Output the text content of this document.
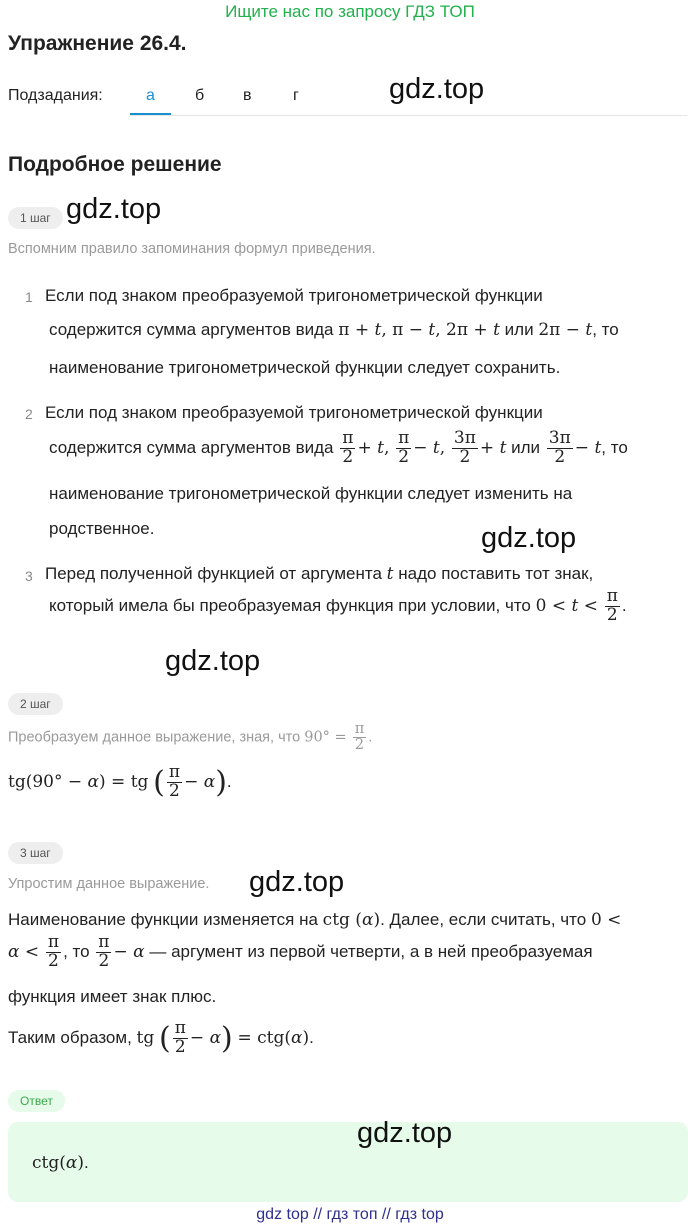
Ищите нас по запросу ГДЗ ТОП
Упражнение 26.4.
Подзадания:	а	б в	г	gdz.top
Подробное решение
1 шаг gdz.top
Вспомним правило запоминания формул приведения.
1 Если под знаком преобразуемой тригонометрической функции
содержится сумма аргументов вида π + t, π − t, 2π + t или 2π − t, то
наименование тригонометрической функции следует сохранить.
2 Если под знаком преобразуемой тригонометрической функции
содержится сумма аргументов вида $\frac{\pi}{2} + t$, $\frac{\pi}{2} - t$, $\frac{3\pi}{2} + t$ или $\frac{3\pi}{2} - t$, то
наименование тригонометрической функции следует изменить на
родственное.	gdz.top
3 Перед полученной функцией от аргумента t надо поставить тот знак,
который имела бы преобразуемая функция при условии, что $0 < t < \frac{\pi}{2}$ .
gdz.top
2 шаг
Преобразуем данное выражение, зная, что $90^\circ = \frac{\pi}{2}$ .
tg(90° − α) = tg ( $\frac{\pi}{2} - \alpha$).
3 шаг
Упростим данное выражение. gdz.top
Наименование функции изменяется на ctg (α). Далее, если считать, что 0 <
$\alpha < \frac{\pi}{2}$ , то $\frac{\pi}{2} - \alpha$ — аргумент из первой четверти, а в ней преобразуемая
функция имеет знак плюс.
Таким образом, tg ( $\frac{\pi}{2} - \alpha) = ctg(\alpha)$.
Ответ
ctg(α).
gdz.top
gdz top // гдз топ // гдз top
